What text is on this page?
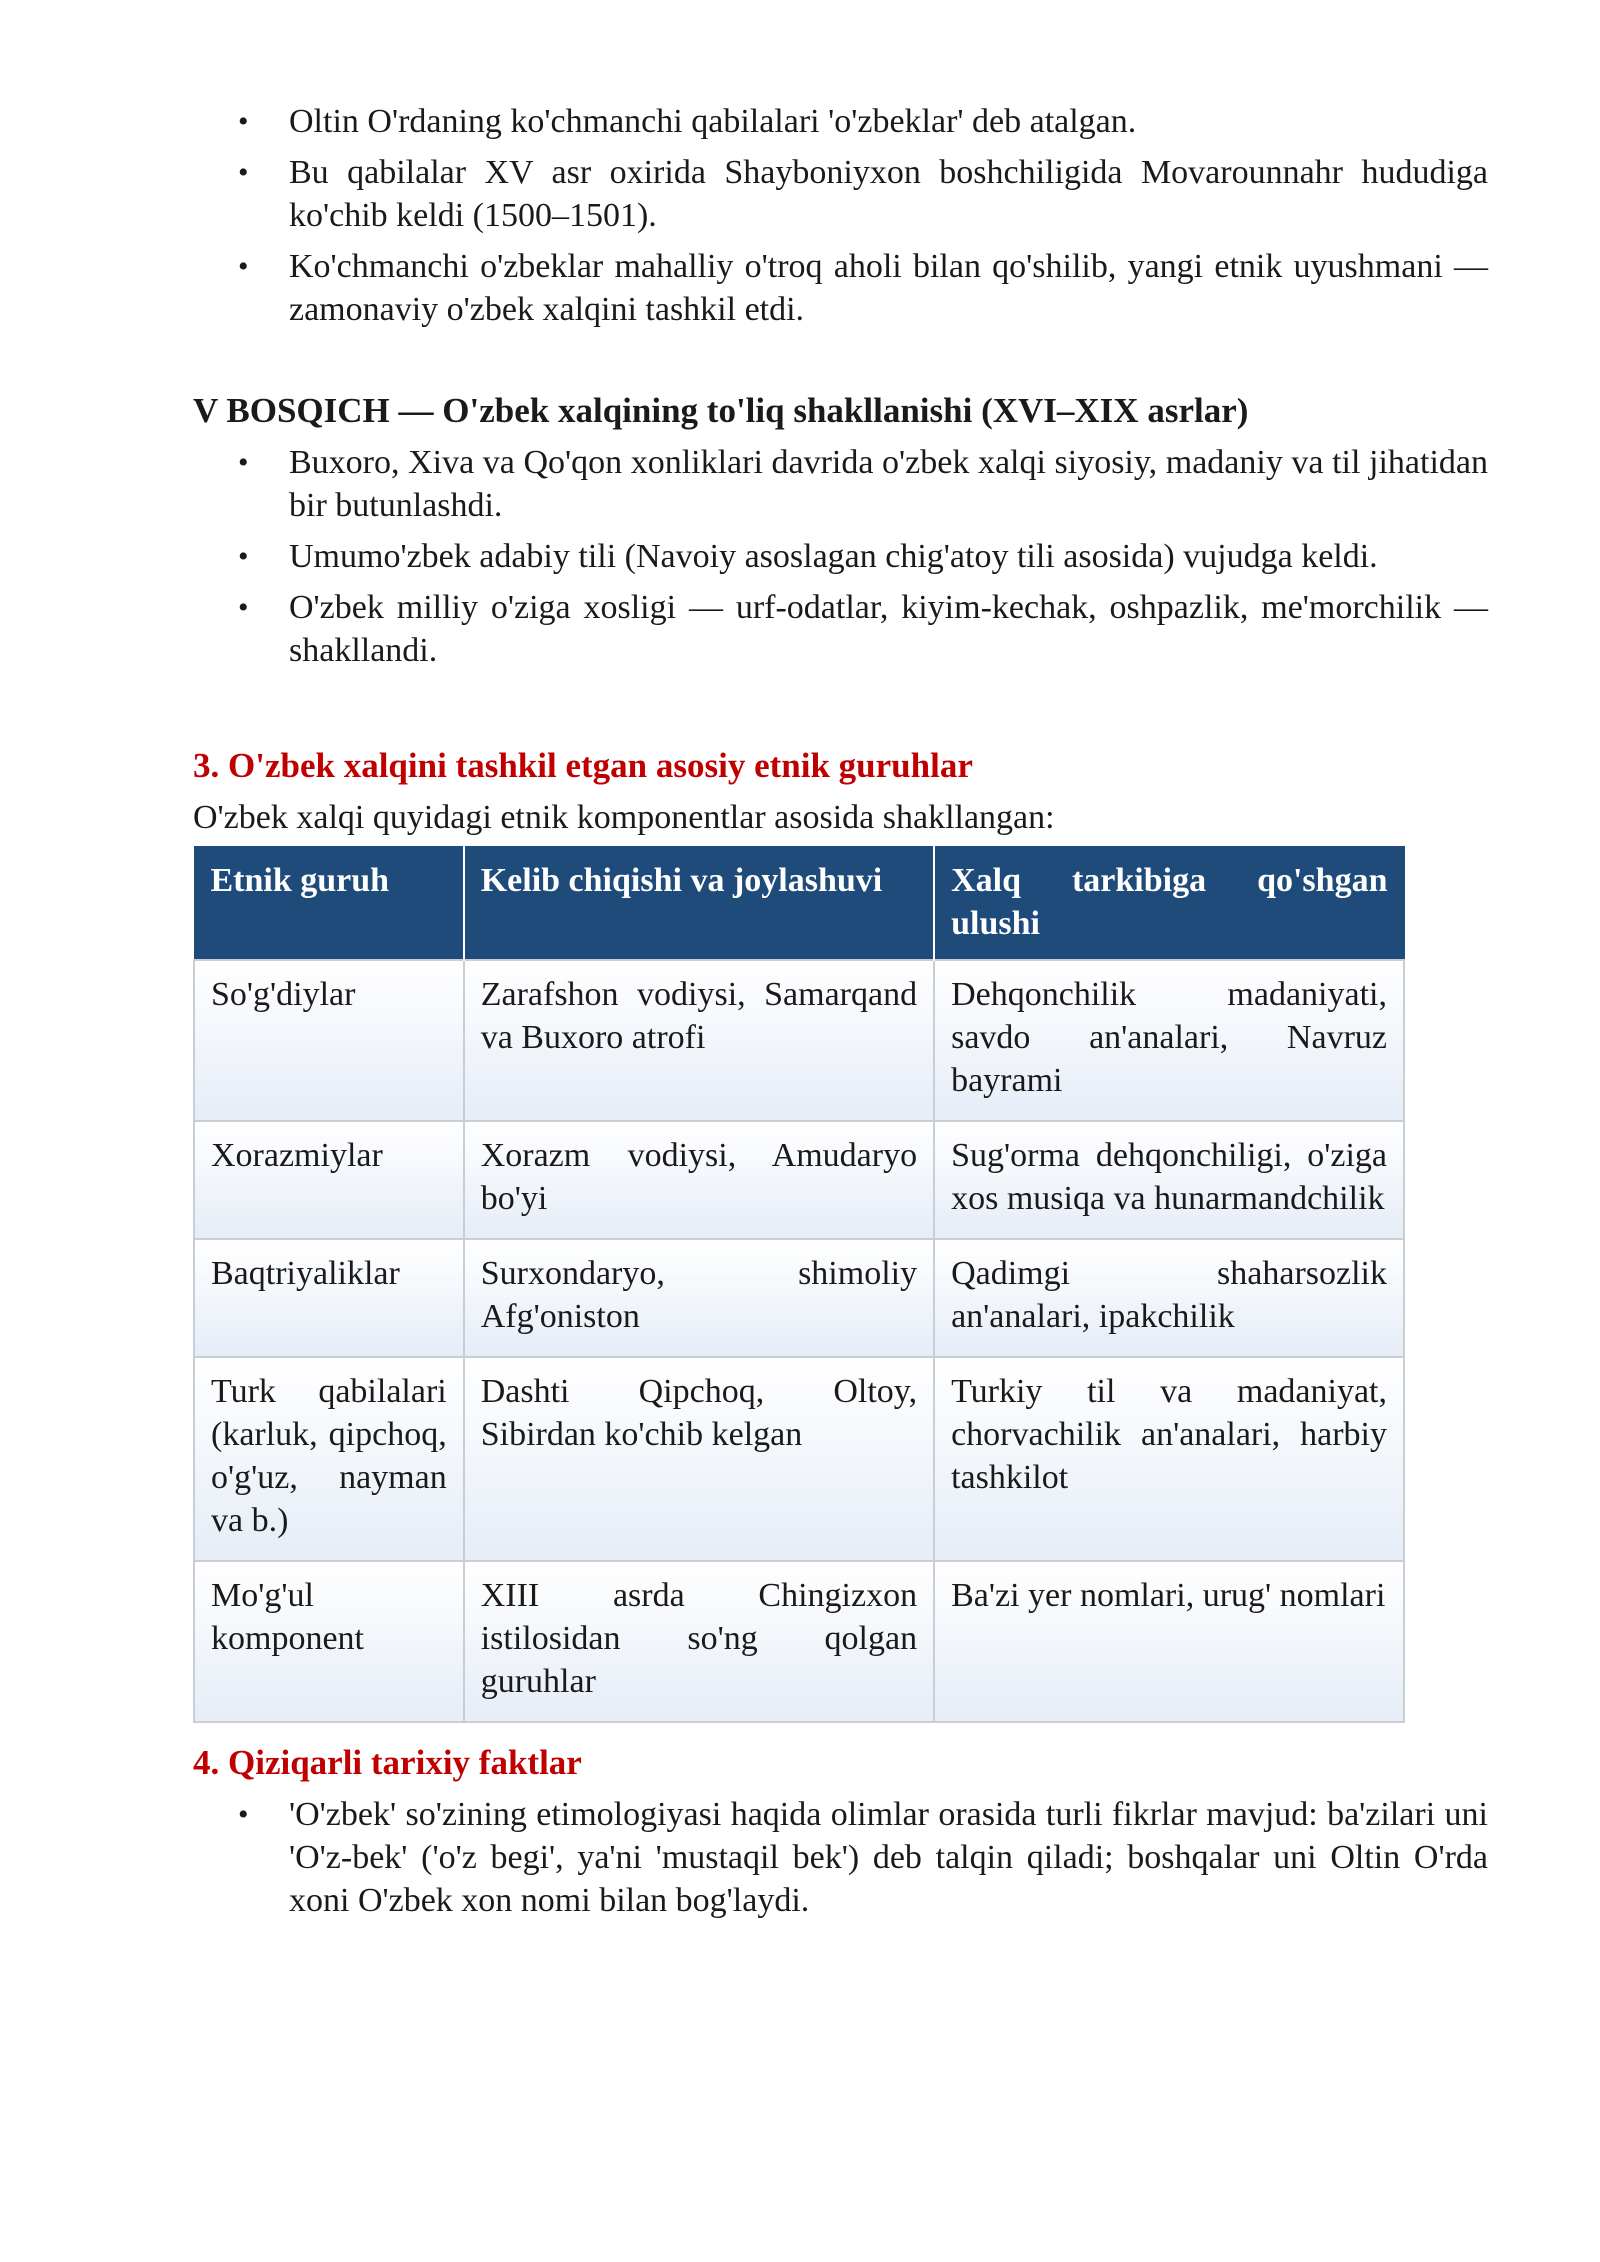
• Oltin O'rdaning ko'chmanchi qabilalari 'o'zbeklar' deb atalgan.
• Bu qabilalar XV asr oxirida Shayboniyxon boshchiligida Movarounnahr hududiga ko'chib keldi (1500–1501).
• Ko'chmanchi o'zbeklar mahalliy o'troq aholi bilan qo'shilib, yangi etnik uyushmani — zamonaviy o'zbek xalqini tashkil etdi.
V BOSQICH — O'zbek xalqining to'liq shakllanishi (XVI–XIX asrlar)
• Buxoro, Xiva va Qo'qon xonliklari davrida o'zbek xalqi siyosiy, madaniy va til jihatidan bir butunlashdi.
• Umumo'zbek adabiy tili (Navoiy asoslagan chig'atoy tili asosida) vujudga keldi.
• O'zbek milliy o'ziga xosligi — urf-odatlar, kiyim-kechak, oshpazlik, me'morchilik — shakllandi.
3. O'zbek xalqini tashkil etgan asosiy etnik guruhlar

O'zbek xalqi quyidagi etnik komponentlar asosida shakllangan:

Etnik guruh	Kelib chiqishi va joylashuvi	Xalq tarkibiga qo'shgan ulushi
So'g'diylar	Zarafshon vodiysi, Samarqand va Buxoro atrofi	Dehqonchilik madaniyati, savdo an'analari, Navruz bayrami
Xorazmiylar	Xorazm vodiysi, Amudaryo bo'yi	Sug'orma dehqonchiligi, o'ziga xos musiqa va hunarmandchilik
Baqtriyaliklar	Surxondaryo, shimoliy Afg'oniston	Qadimgi shaharsozlik an'analari, ipakchilik
Turk qabilalari (karluk, qipchoq, o'g'uz, nayman va b.)	Dashti Qipchoq, Oltoy, Sibirdan ko'chib kelgan	Turkiy til va madaniyat, chorvachilik an'analari, harbiy tashkilot
Mo'g'ul komponent	XIII asrda Chingizxon istilosidan so'ng qolgan guruhlar	Ba'zi yer nomlari, urug' nomlari
4. Qiziqarli tarixiy faktlar
• 'O'zbek' so'zining etimologiyasi haqida olimlar orasida turli fikrlar mavjud: ba'zilari uni 'O'z-bek' ('o'z begi', ya'ni 'mustaqil bek') deb talqin qiladi; boshqalar uni Oltin O'rda xoni O'zbek xon nomi bilan bog'laydi.
